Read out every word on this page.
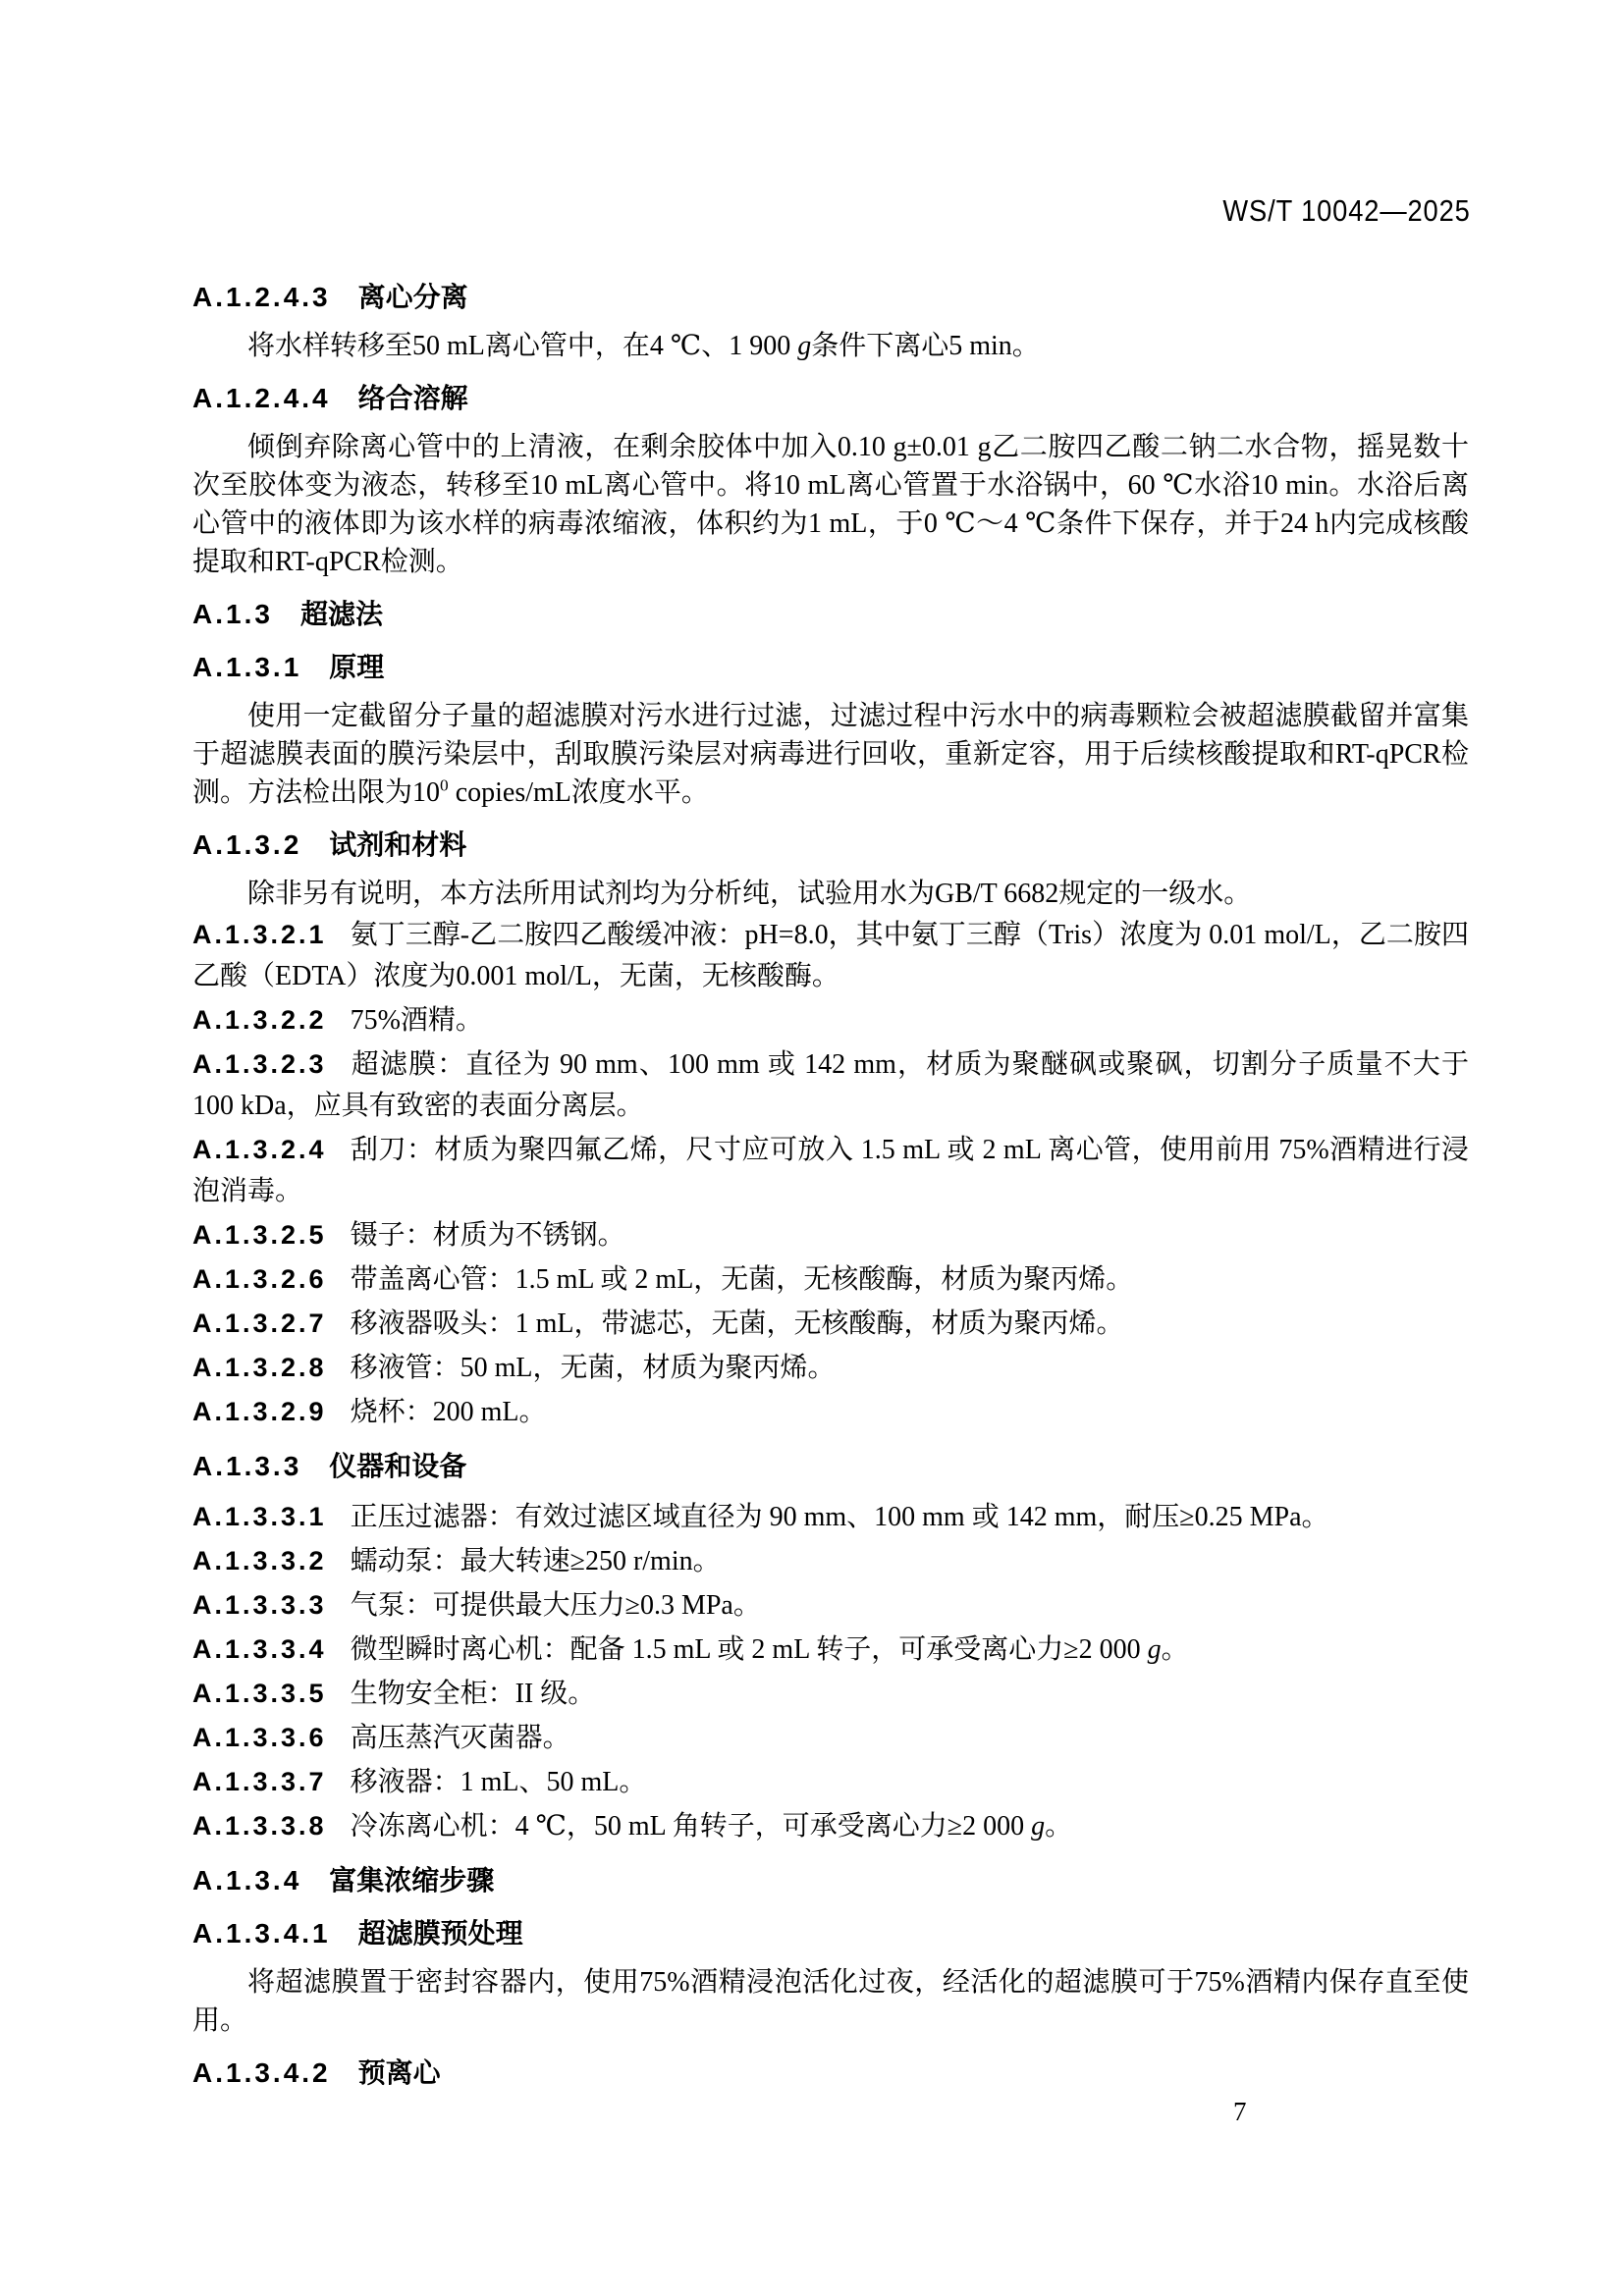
WS/T 10042—2025
A.1.2.4.3 离心分离

将水样转移至50 mL离心管中，在4 ℃、1 900 g条件下离心5 min。

A.1.2.4.4 络合溶解

倾倒弃除离心管中的上清液，在剩余胶体中加入0.10 g±0.01 g乙二胺四乙酸二钠二水合物，摇晃数十次至胶体变为液态，转移至10 mL离心管中。将10 mL离心管置于水浴锅中，60 ℃水浴10 min。水浴后离心管中的液体即为该水样的病毒浓缩液，体积约为1 mL，于0 ℃～4 ℃条件下保存，并于24 h内完成核酸提取和RT-qPCR检测。

A.1.3 超滤法
A.1.3.1 原理

使用一定截留分子量的超滤膜对污水进行过滤，过滤过程中污水中的病毒颗粒会被超滤膜截留并富集于超滤膜表面的膜污染层中，刮取膜污染层对病毒进行回收，重新定容，用于后续核酸提取和RT-qPCR检测。方法检出限为$10^0$ copies/mL浓度水平。

A.1.3.2 试剂和材料

除非另有说明，本方法所用试剂均为分析纯，试验用水为GB/T 6682规定的一级水。

A.1.3.2.1 氨丁三醇-乙二胺四乙酸缓冲液：pH=8.0，其中氨丁三醇（Tris）浓度为 0.01 mol/L，乙二胺四乙酸（EDTA）浓度为0.001 mol/L，无菌，无核酸酶。

A.1.3.2.2 75%酒精。

A.1.3.2.3 超滤膜：直径为 90 mm、100 mm 或 142 mm，材质为聚醚砜或聚砜，切割分子质量不大于 100 kDa，应具有致密的表面分离层。

A.1.3.2.4 刮刀：材质为聚四氟乙烯，尺寸应可放入 1.5 mL 或 2 mL 离心管，使用前用 75%酒精进行浸泡消毒。

A.1.3.2.5 镊子：材质为不锈钢。

A.1.3.2.6 带盖离心管：1.5 mL 或 2 mL，无菌，无核酸酶，材质为聚丙烯。

A.1.3.2.7 移液器吸头：1 mL，带滤芯，无菌，无核酸酶，材质为聚丙烯。

A.1.3.2.8 移液管：50 mL，无菌，材质为聚丙烯。

A.1.3.2.9 烧杯：200 mL。

A.1.3.3 仪器和设备

A.1.3.3.1 正压过滤器：有效过滤区域直径为 90 mm、100 mm 或 142 mm，耐压≥0.25 MPa。

A.1.3.3.2 蠕动泵：最大转速≥250 r/min。

A.1.3.3.3 气泵：可提供最大压力≥0.3 MPa。

A.1.3.3.4 微型瞬时离心机：配备 1.5 mL 或 2 mL 转子，可承受离心力≥2 000 g。

A.1.3.3.5 生物安全柜：II 级。

A.1.3.3.6 高压蒸汽灭菌器。

A.1.3.3.7 移液器：1 mL、50 mL。

A.1.3.3.8 冷冻离心机：4 ℃，50 mL 角转子，可承受离心力≥2 000 g。

A.1.3.4 富集浓缩步骤
A.1.3.4.1 超滤膜预处理

将超滤膜置于密封容器内，使用75%酒精浸泡活化过夜，经活化的超滤膜可于75%酒精内保存直至使用。

A.1.3.4.2 预离心
7
